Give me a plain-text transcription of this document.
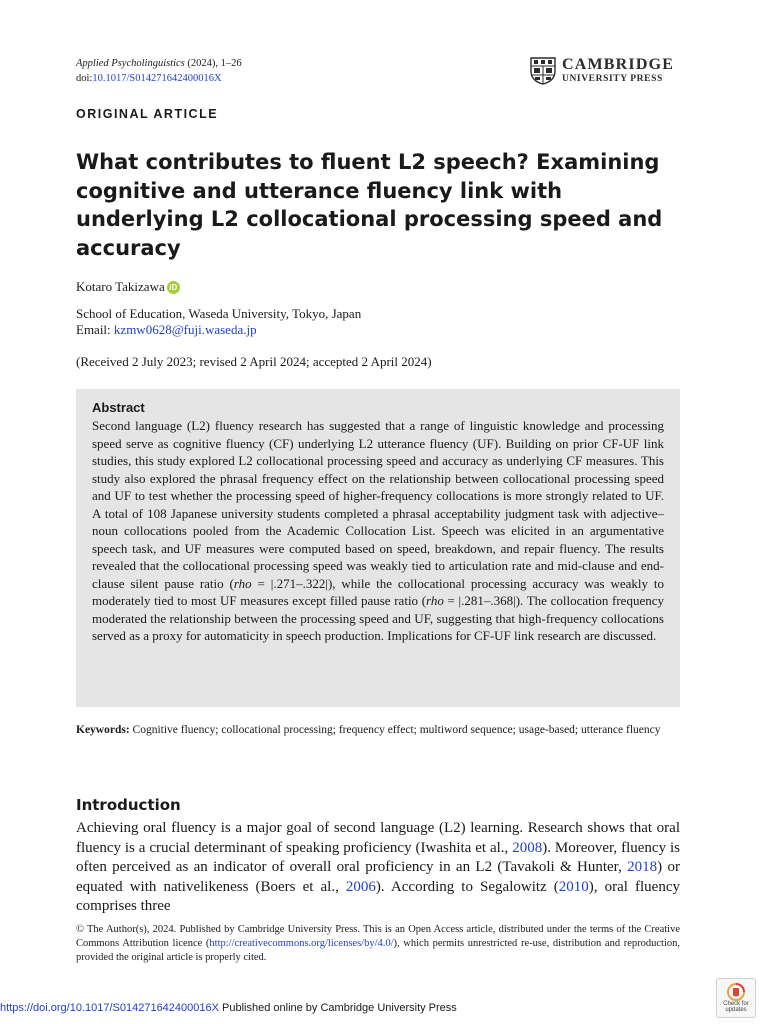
Applied Psycholinguistics (2024), 1–26
doi:10.1017/S014271642400016X
CAMBRIDGE
UNIVERSITY PRESS
ORIGINAL ARTICLE
What contributes to fluent L2 speech? Examining cognitive and utterance fluency link with underlying L2 collocational processing speed and accuracy
Kotaro Takizawa iD
School of Education, Waseda University, Tokyo, Japan
Email: kzmw0628@fuji.waseda.jp
(Received 2 July 2023; revised 2 April 2024; accepted 2 April 2024)
Abstract
Second language (L2) fluency research has suggested that a range of linguistic knowledge and processing speed serve as cognitive fluency (CF) underlying L2 utterance fluency (UF). Building on prior CF-UF link studies, this study explored L2 collocational processing speed and accuracy as underlying CF measures. This study also explored the phrasal frequency effect on the relationship between collocational processing speed and UF to test whether the processing speed of higher-frequency collocations is more strongly related to UF. A total of 108 Japanese university students completed a phrasal acceptability judgment task with adjective–noun collocations pooled from the Academic Collocation List. Speech was elicited in an argumentative speech task, and UF measures were computed based on speed, breakdown, and repair fluency. The results revealed that the collocational processing speed was weakly tied to articulation rate and mid-clause and end-clause silent pause ratio (rho = |.271–.322|), while the collocational processing accuracy was weakly to moderately tied to most UF measures except filled pause ratio (rho = |.281–.368|). The collocation frequency moderated the relationship between the processing speed and UF, suggesting that high-frequency collocations served as a proxy for automaticity in speech production. Implications for CF-UF link research are discussed.
Keywords: Cognitive fluency; collocational processing; frequency effect; multiword sequence; usage-based; utterance fluency
Introduction
Achieving oral fluency is a major goal of second language (L2) learning. Research shows that oral fluency is a crucial determinant of speaking proficiency (Iwashita et al., 2008). Moreover, fluency is often perceived as an indicator of overall oral proficiency in an L2 (Tavakoli & Hunter, 2018) or equated with nativelikeness (Boers et al., 2006). According to Segalowitz (2010), oral fluency comprises three
© The Author(s), 2024. Published by Cambridge University Press. This is an Open Access article, distributed under the terms of the Creative Commons Attribution licence (http://creativecommons.org/licenses/by/4.0/), which permits unrestricted re-use, distribution and reproduction, provided the original article is properly cited.
https://doi.org/10.1017/S014271642400016X Published online by Cambridge University Press	Check for
updates
